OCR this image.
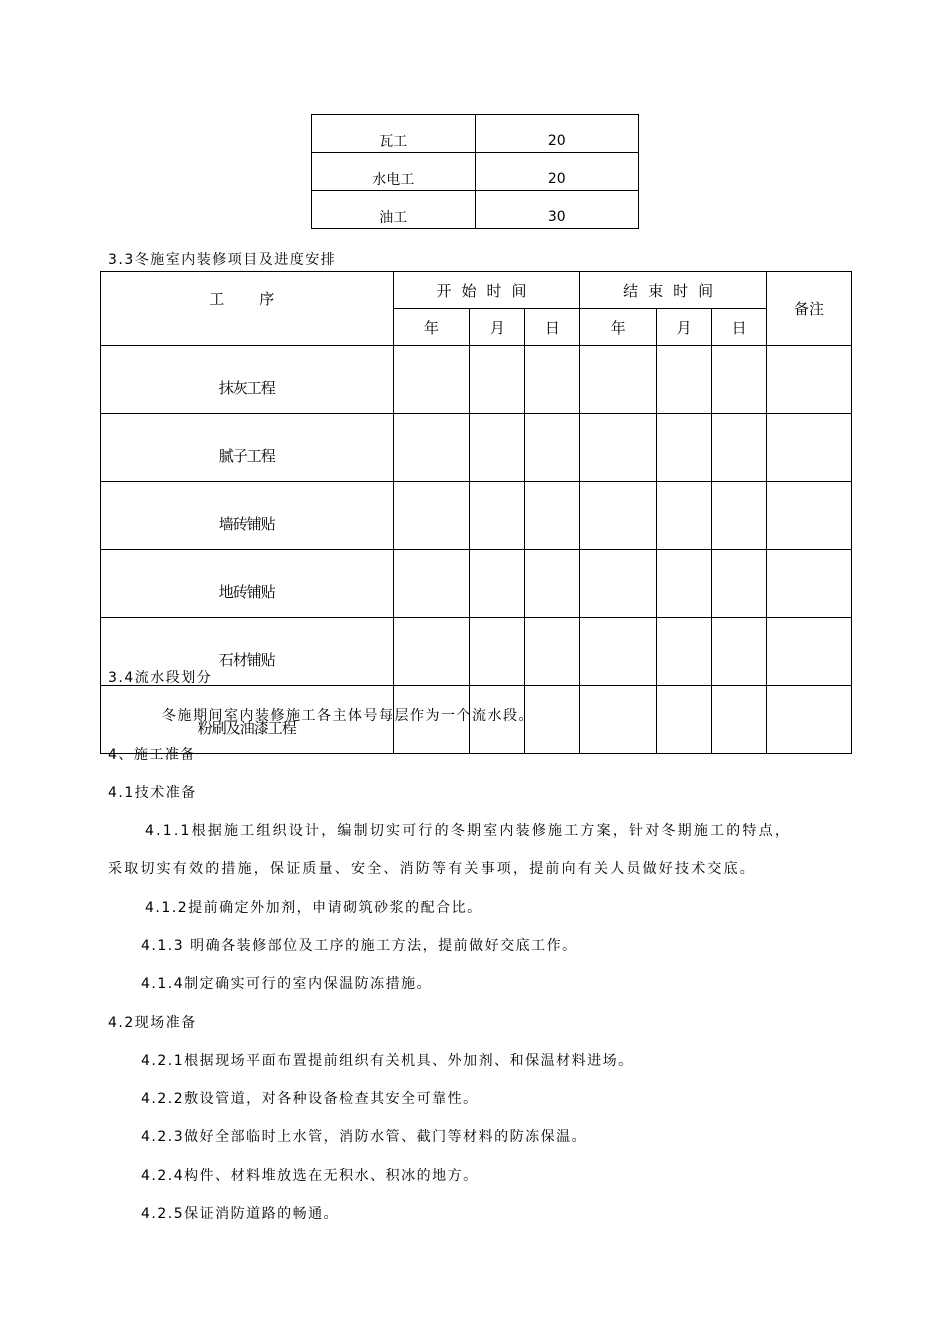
瓦工	20
水电工	20
油工	30
3.3冬施室内装修项目及进度安排
工　序	开始时间			结束时间			备注
	年	月	日	年	月	日	
抹灰工程							
腻子工程							
墙砖铺贴							
地砖铺贴							
石材铺贴							
粉刷及油漆工程							
3.4流水段划分
冬施期间室内装修施工各主体号每层作为一个流水段。
4、施工准备
4.1技术准备
4.1.1根据施工组织设计，编制切实可行的冬期室内装修施工方案，针对冬期施工的特点，
采取切实有效的措施，保证质量、安全、消防等有关事项，提前向有关人员做好技术交底。
4.1.2提前确定外加剂，申请砌筑砂浆的配合比。
4.1.3 明确各装修部位及工序的施工方法，提前做好交底工作。
4.1.4制定确实可行的室内保温防冻措施。
4.2现场准备
4.2.1根据现场平面布置提前组织有关机具、外加剂、和保温材料进场。
4.2.2敷设管道，对各种设备检查其安全可靠性。
4.2.3做好全部临时上水管，消防水管、截门等材料的防冻保温。
4.2.4构件、材料堆放选在无积水、积冰的地方。
4.2.5保证消防道路的畅通。
